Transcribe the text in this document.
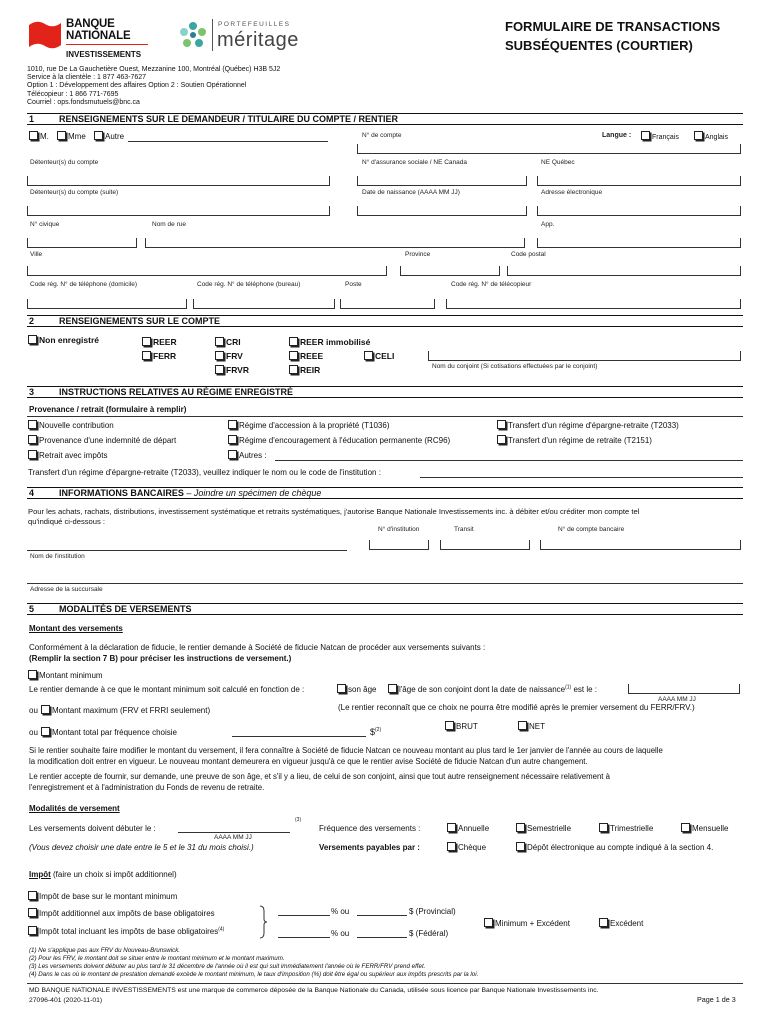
BANQUE
NATIONALE
INVESTISSEMENTS
PORTEFEUILLES
méritage
FORMULAIRE DE TRANSACTIONS
SUBSÉQUENTES (COURTIER)
1010, rue De La Gauchetière Ouest, Mezzanine 100, Montréal (Québec) H3B 5J2
Service à la clientèle : 1 877 463-7627
Option 1 : Développement des affaires Option 2 : Soutien Opérationnel
Télécopieur : 1 866 771-7695
Courriel : ops.fondsmutuels@bnc.ca
1	RENSEIGNEMENTS SUR LE DEMANDEUR / TITULAIRE DU COMPTE / RENTIER
M.	Mme	Autre	N° de compte	Langue :	Français	Anglais
Détenteur(s) du compte	N° d'assurance sociale / NE Canada	NE Québec
Détenteur(s) du compte (suite)	Date de naissance (AAAA MM JJ)	Adresse électronique
N° civique	Nom de rue	App.
Ville	Province	Code postal
Code rég. N° de téléphone (domicile)	Code rég. N° de téléphone (bureau)	Poste	Code rég. N° de télécopieur
2	RENSEIGNEMENTS SUR LE COMPTE
Non enregistré	REER
FERR
CRI
FRV
FRVR
REER immobilisé
REEE
REIR
CELI
Nom du conjoint (Si cotisations effectuées par le conjoint)
3	INSTRUCTIONS RELATIVES AU RÉGIME ENREGISTRÉ
Provenance / retrait (formulaire à remplir)
Nouvelle contribution
Provenance d'une indemnité de départ
Retrait avec impôts
Régime d'accession à la propriété (T1036)
Régime d'encouragement à l'éducation permanente (RC96)
Autres :
Transfert d'un régime d'épargne-retraite (T2033)
Transfert d'un régime de retraite (T2151)
Transfert d'un régime d'épargne-retraite (T2033), veuillez indiquer le nom ou le code de l'institution :
4	INFORMATIONS BANCAIRES – Joindre un spécimen de chèque
Pour les achats, rachats, distributions, investissement systématique et retraits systématiques, j'autorise Banque Nationale Investissements inc. à débiter et/ou créditer mon compte tel
qu'indiqué ci-dessous :
N° d'institution	Transit	N° de compte bancaire
Nom de l'institution
Adresse de la succursale
5	MODALITÉS DE VERSEMENTS
Montant des versements
Conformément à la déclaration de fiducie, le rentier demande à Société de fiducie Natcan de procéder aux versements suivants :
(Remplir la section 7 B) pour préciser les instructions de versement.)
Montant minimum
Le rentier demande à ce que le montant minimum soit calculé en fonction de :	son âge	l'âge de son conjoint dont la date de naissance$^{(1)}$ est le :
AAAA MM JJ
ou	Montant maximum (FRV et FRRI seulement)	(Le rentier reconnaît que ce choix ne pourra être modifié après le premier versement du FERR/FRV.)
ou	Montant total par fréquence choisie	\$$^{(2)}$	BRUT	NET
Si le rentier souhaite faire modifier le montant du versement, il fera connaître à Société de fiducie Natcan ce nouveau montant au plus tard le 1er janvier de l'année au cours de laquelle
la modification doit entrer en vigueur. Le nouveau montant demeurera en vigueur jusqu'à ce que le rentier avise Société de fiducie Natcan d'un autre changement.
Le rentier accepte de fournir, sur demande, une preuve de son âge, et s'il y a lieu, de celui de son conjoint, ainsi que tout autre renseignement nécessaire relativement à
l'enregistrement et à l'administration du Fonds de revenu de retraite.
Modalités de versement
Les versements doivent débuter le :
(3)
AAAA MM JJ
(Vous devez choisir une date entre le 5 et le 31 du mois choisi.)
Fréquence des versements :	Annuelle	Semestrielle	Trimestrielle	Mensuelle
Versements payables par :	Chèque	Dépôt électronique au compte indiqué à la section 4.
Impôt (faire un choix si impôt additionnel)
Impôt de base sur le montant minimum
Impôt additionnel aux impôts de base obligatoires
Impôt total incluant les impôts de base obligatoires$^{(4)}$
% ou	$ (Provincial)
% ou	$ (Fédéral)
Minimum + Excédent	Excédent
(1) Ne s'applique pas aux FRV du Nouveau-Brunswick.
(2) Pour les FRV, le montant doit se situer entre le montant minimum et le montant maximum.
(3) Les versements doivent débuter au plus tard le 31 décembre de l'année où il est qui suit immédiatement l'année où le FERR/FRV prend effet.
(4) Dans le cas où le montant de prestation demandé excède le montant minimum, le taux d'imposition (%) doit être égal ou supérieur aux impôts prescrits par la loi.
MD BANQUE NATIONALE INVESTISSEMENTS est une marque de commerce déposée de la Banque Nationale du Canada, utilisée sous licence par Banque Nationale Investissements inc.
27096-401 (2020-11-01)	Page 1 de 3
